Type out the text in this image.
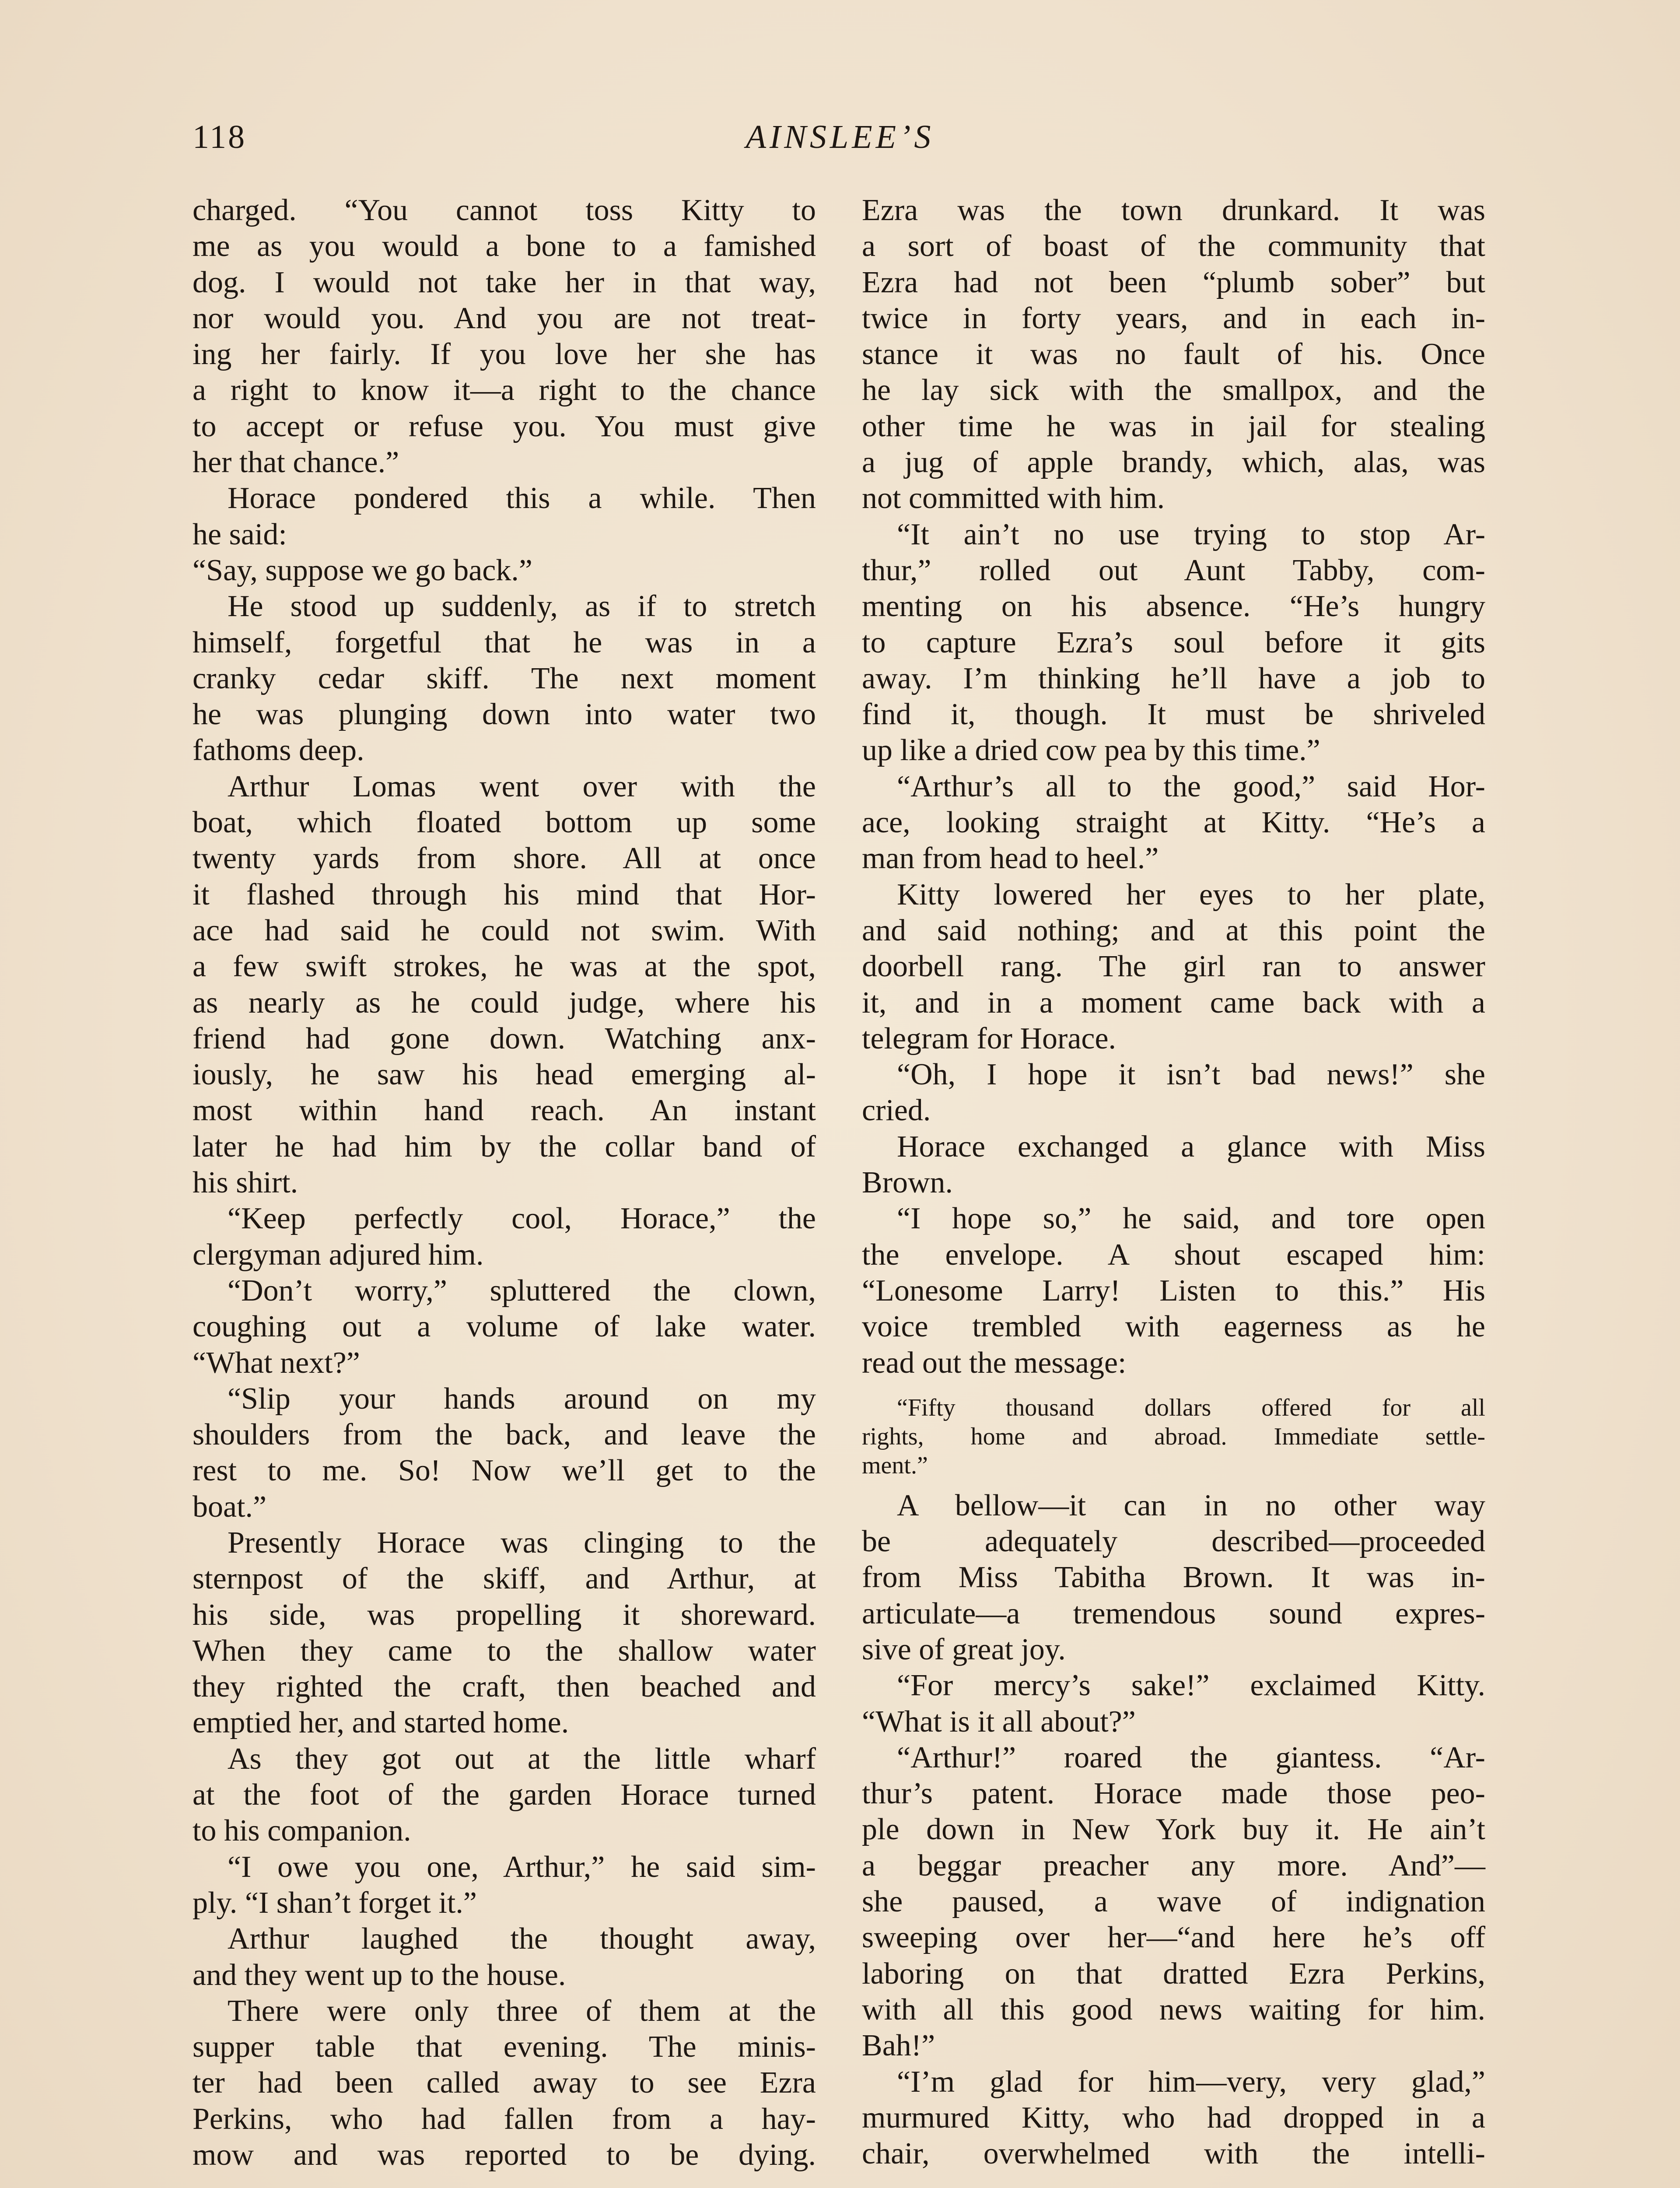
118	AINSLEE’S
charged. “You cannot toss Kitty to
me as you would a bone to a famished
dog. I would not take her in that way,
nor would you. And you are not treat-
ing her fairly. If you love her she has
a right to know it—a right to the chance
to accept or refuse you. You must give
her that chance.”
Horace pondered this a while. Then
he said:
“Say, suppose we go back.”
He stood up suddenly, as if to stretch
himself, forgetful that he was in a
cranky cedar skiff. The next moment
he was plunging down into water two
fathoms deep.
Arthur Lomas went over with the
boat, which floated bottom up some
twenty yards from shore. All at once
it flashed through his mind that Hor-
ace had said he could not swim. With
a few swift strokes, he was at the spot,
as nearly as he could judge, where his
friend had gone down. Watching anx-
iously, he saw his head emerging al-
most within hand reach. An instant
later he had him by the collar band of
his shirt.
“Keep perfectly cool, Horace,” the
clergyman adjured him.
“Don’t worry,” spluttered the clown,
coughing out a volume of lake water.
“What next?”
“Slip your hands around on my
shoulders from the back, and leave the
rest to me. So! Now we’ll get to the
boat.”
Presently Horace was clinging to the
sternpost of the skiff, and Arthur, at
his side, was propelling it shoreward.
When they came to the shallow water
they righted the craft, then beached and
emptied her, and started home.
As they got out at the little wharf
at the foot of the garden Horace turned
to his companion.
“I owe you one, Arthur,” he said sim-
ply. “I shan’t forget it.”
Arthur laughed the thought away,
and they went up to the house.
There were only three of them at the
supper table that evening. The minis-
ter had been called away to see Ezra
Perkins, who had fallen from a hay-
mow and was reported to be dying.
Ezra was the town drunkard. It was
a sort of boast of the community that
Ezra had not been “plumb sober” but
twice in forty years, and in each in-
stance it was no fault of his. Once
he lay sick with the smallpox, and the
other time he was in jail for stealing
a jug of apple brandy, which, alas, was
not committed with him.
“It ain’t no use trying to stop Ar-
thur,” rolled out Aunt Tabby, com-
menting on his absence. “He’s hungry
to capture Ezra’s soul before it gits
away. I’m thinking he’ll have a job to
find it, though. It must be shriveled
up like a dried cow pea by this time.”
“Arthur’s all to the good,” said Hor-
ace, looking straight at Kitty. “He’s a
man from head to heel.”
Kitty lowered her eyes to her plate,
and said nothing; and at this point the
doorbell rang. The girl ran to answer
it, and in a moment came back with a
telegram for Horace.
“Oh, I hope it isn’t bad news!” she
cried.
Horace exchanged a glance with Miss
Brown.
“I hope so,” he said, and tore open
the envelope. A shout escaped him:
“Lonesome Larry! Listen to this.” His
voice trembled with eagerness as he
read out the message:
“Fifty thousand dollars offered for all
rights, home and abroad. Immediate settle-
ment.”
A bellow—it can in no other way
be adequately described—proceeded
from Miss Tabitha Brown. It was in-
articulate—a tremendous sound expres-
sive of great joy.
“For mercy’s sake!” exclaimed Kitty.
“What is it all about?”
“Arthur!” roared the giantess. “Ar-
thur’s patent. Horace made those peo-
ple down in New York buy it. He ain’t
a beggar preacher any more. And”—
she paused, a wave of indignation
sweeping over her—“and here he’s off
laboring on that dratted Ezra Perkins,
with all this good news waiting for him.
Bah!”
“I’m glad for him—very, very glad,”
murmured Kitty, who had dropped in a
chair, overwhelmed with the intelli-
